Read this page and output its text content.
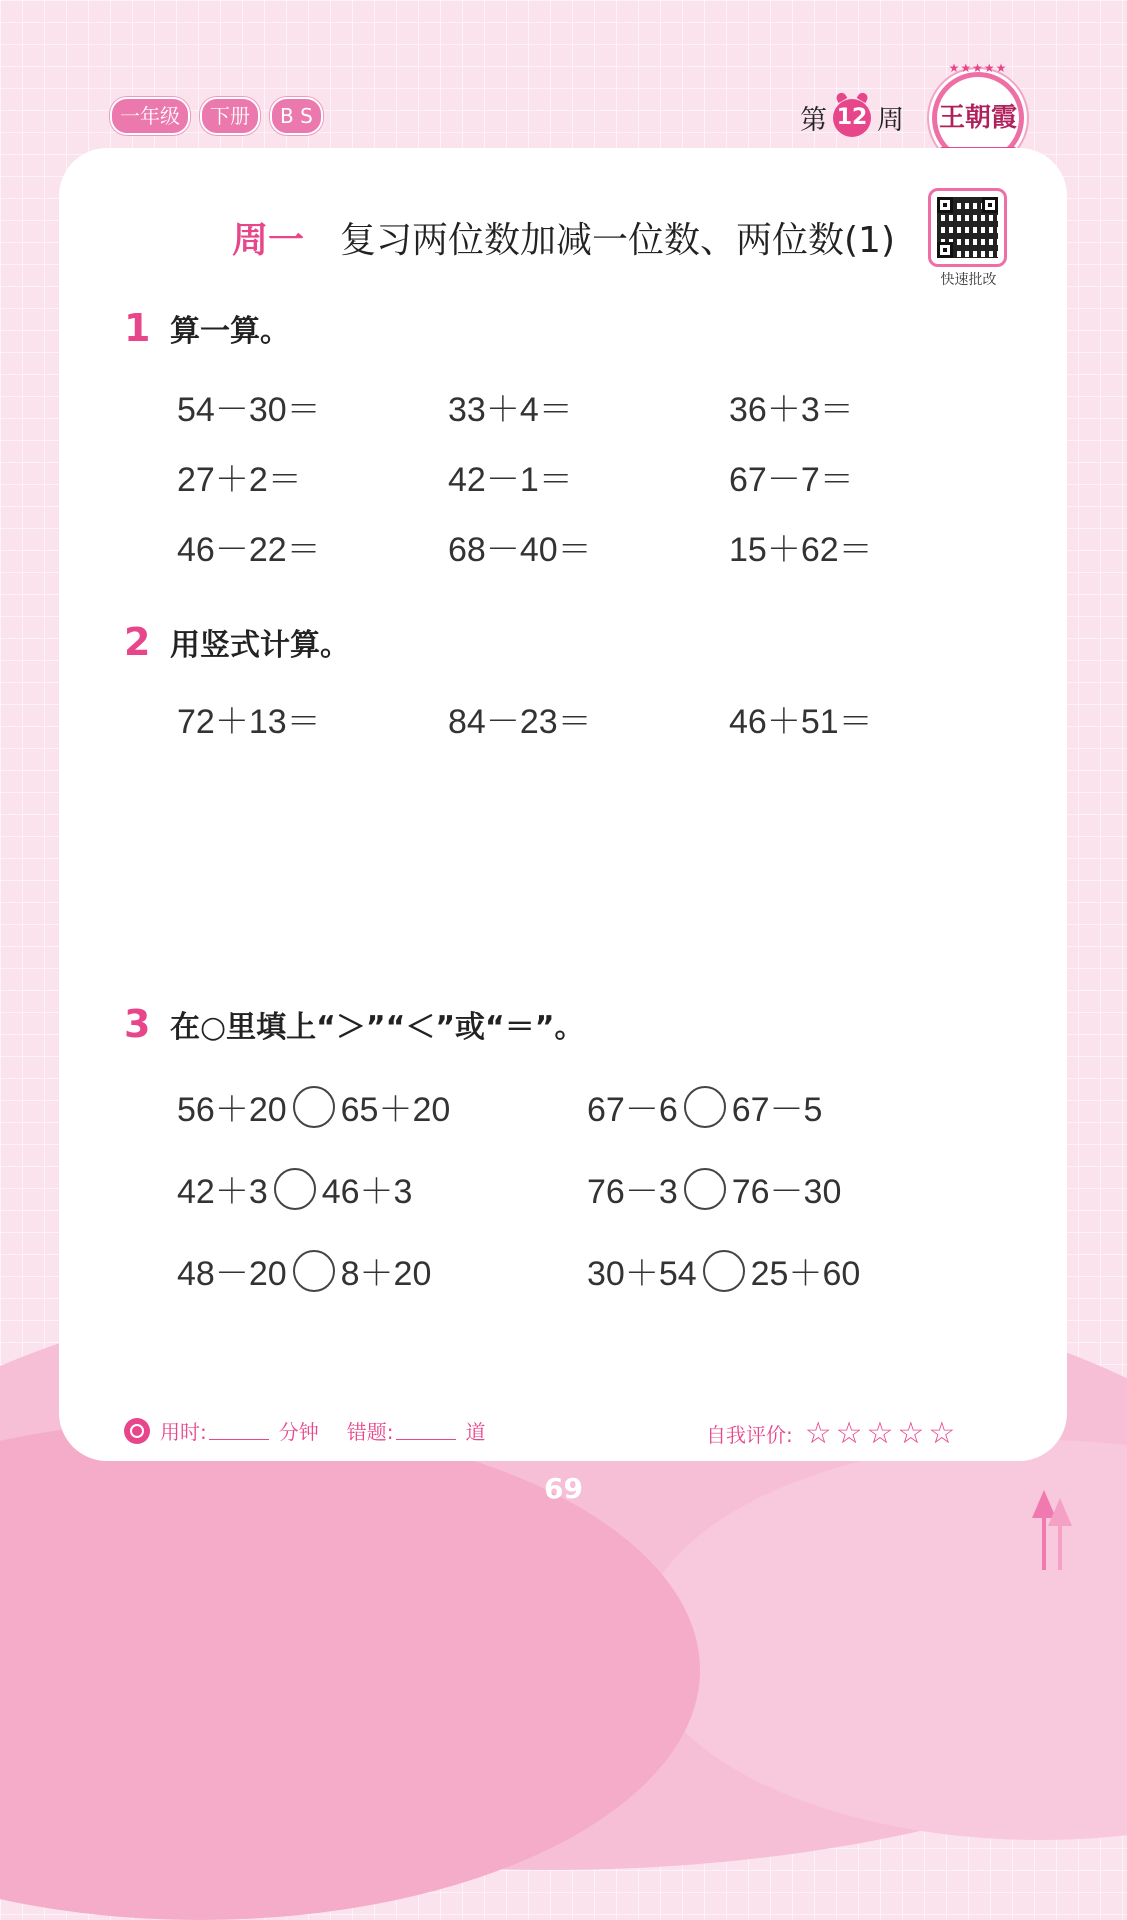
一年级	下册	B S	第 12 周
★★★★★
王朝霞
周一 复习两位数加减一位数、两位数(1)
快速批改
1 算一算。
54－30＝	33＋4＝	36＋3＝
27＋2＝	42－1＝	67－7＝
46－22＝	68－40＝	15＋62＝
2 用竖式计算。
72＋13＝	84－23＝	46＋51＝
3 在○里填上“＞”“＜”或“＝”。
56＋20 65＋20	67－6 67－5
42＋3 46＋3	76－3 76－30
48－20 8＋20	30＋54 25＋60
用时:	分钟 错题:	道	自我评价: ☆☆☆☆☆
69
